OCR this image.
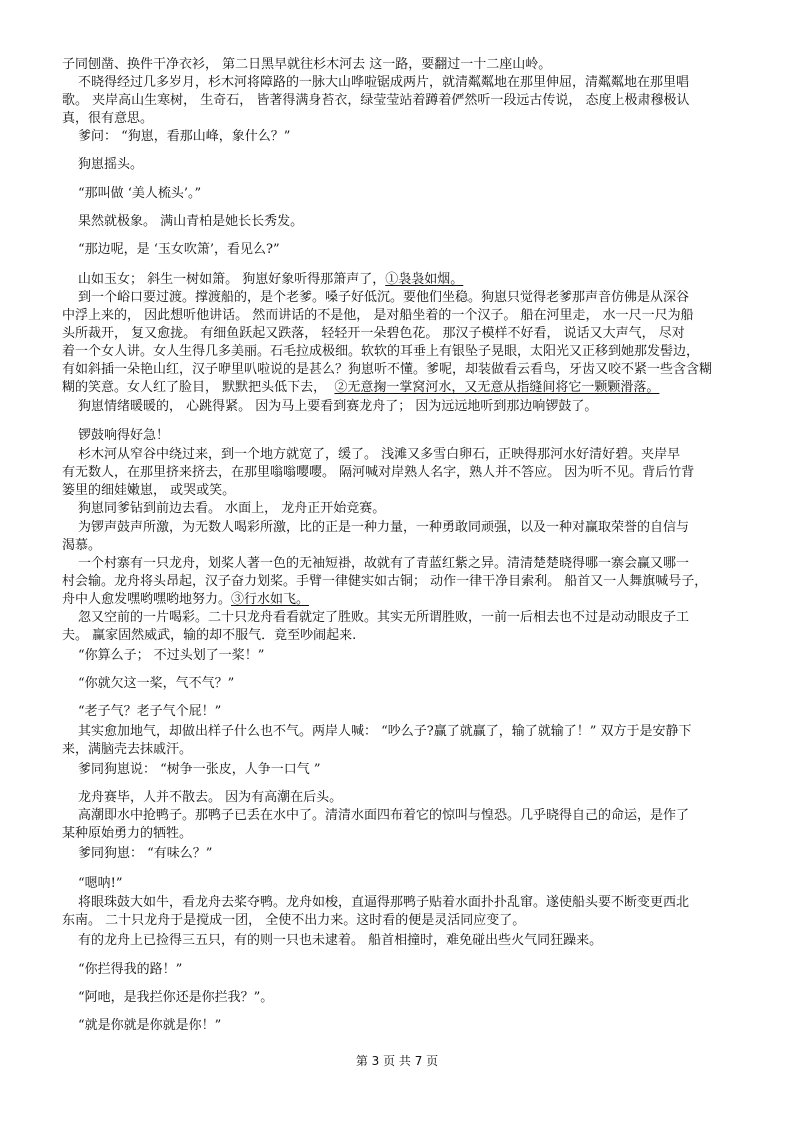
子同刨凿、换件干净衣衫， 第二日黑早就往杉木河去 这一路，要翻过一十二座山岭。
不晓得经过几多岁月，杉木河将障路的一脉大山哗啦锯成两片，就清粼粼地在那里伸屈，清粼粼地在那里唱
歌。 夹岸高山生寒树， 生奇石， 皆著得满身苔衣，绿莹莹站着蹲着俨然听一段远古传说， 态度上极肃穆极认
真，很有意思。
爹问： “狗崽，看那山峰，象什么？”
狗崽摇头。
“那叫做 ‘美人梳头’。”
果然就极象。 满山青柏是她长长秀发。
“那边呢，是 ‘玉女吹箫’，看见么?”
山如玉女； 斜生一树如箫。 狗崽好象听得那箫声了，①袅袅如烟。
到一个峪口要过渡。撑渡船的，是个老爹。嗓子好低沉。要他们坐稳。狗崽只觉得老爹那声音仿佛是从深谷
中浮上来的， 因此想听他讲话。 然而讲话的不是他， 是对船坐着的一个汉子。 船在河里走， 水一尺一尺为船
头所裁开， 复又愈拢。 有细鱼跃起又跌落， 轻轻开一朵碧色花。 那汉子模样不好看， 说话又大声气， 尽对
着一个女人讲。女人生得几多美丽。石毛拉成极细。软软的耳垂上有银坠子晃眼，太阳光又正移到她那发髻边，
有如斜插一朵艳山红，汉子咿里叭啦说的是甚么？狗崽听不懂。爹呢，却装做看云看鸟，牙齿又咬不紧一些含含糊
糊的笑意。女人红了脸目， 默默把头低下去， ②无意掬一掌窝河水，又无意从指缝间将它一颗颗滑落。
狗崽情绪暖暖的， 心跳得紧。 因为马上要看到赛龙舟了； 因为远远地听到那边响锣鼓了。
锣鼓响得好急！
杉木河从窄谷中绕过来，到一个地方就宽了，缓了。 浅滩又多雪白卵石，正映得那河水好清好碧。夹岸早
有无数人，在那里挤来挤去，在那里嗡嗡嘤嘤。 隔河喊对岸熟人名字，熟人并不答应。 因为听不见。背后竹背
篓里的细娃嫩崽， 或哭或笑。
狗崽同爹钻到前边去看。 水面上， 龙舟正开始竞赛。
为锣声鼓声所激，为无数人喝彩所激，比的正是一种力量，一种勇敢同顽强，以及一种对赢取荣誉的自信与
渴慕。
一个村寨有一只龙舟，划桨人著一色的无袖短褂，故就有了青蓝红紫之异。清清楚楚晓得哪一寨会赢又哪一
村会输。龙舟将头昂起，汉子奋力划桨。手臂一律健实如古铜； 动作一律干净目索利。 船首又一人舞旗喊号子，
舟中人愈发嘿哟嘿哟地努力。③行水如飞。
忽又空前的一片喝彩。二十只龙舟看看就定了胜败。其实无所谓胜败，一前一后相去也不过是动动眼皮子工
夫。 赢家固然威武，输的却不服气．竟至吵闹起来.
“你算么子； 不过头划了一桨！”
“你就欠这一桨，气不气？”
“老子气？老子气个屁！”
其实愈加地气，却做出样子什么也不气。两岸人喊： “吵么子?赢了就赢了，输了就输了！” 双方于是安静下
来，满脑壳去抹戚汗。
爹同狗崽说： “树争一张皮，人争一口气 ”
龙舟赛毕，人并不散去。 因为有高潮在后头。
高潮即水中抢鸭子。那鸭子已丢在水中了。清清水面四布着它的惊叫与惶恐。几乎晓得自己的命运，是作了
某种原始勇力的牺牲。
爹同狗崽： “有味么？”
“嗯呐!”
将眼珠鼓大如牛，看龙舟去桨夺鸭。龙舟如梭，直逼得那鸭子贴着水面扑扑乱窜。遂使船头要不断变更西北
东南。 二十只龙舟于是搅成一团， 全使不出力来。这时看的便是灵活同应变了。
有的龙舟上已捡得三五只，有的则一只也未逮着。 船首相撞时，难免碰出些火气同狂躁来。
“你拦得我的路！”
“阿吔，是我拦你还是你拦我？”。
“就是你就是你就是你！”
第 3 页 共 7 页
